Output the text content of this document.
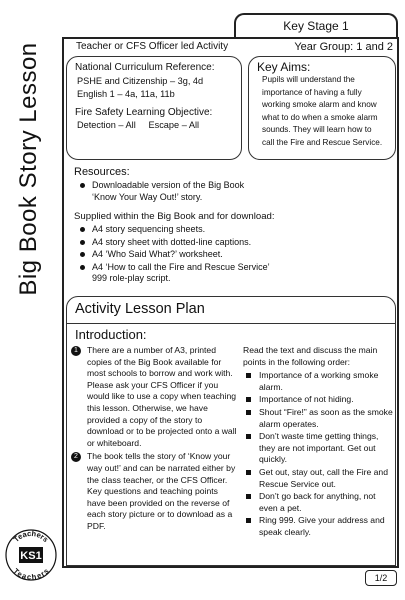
Big Book Story Lesson
Key Stage 1
Teacher or CFS Officer led Activity	Year Group: 1 and 2
National Curriculum Reference:
PSHE and Citizenship – 3g, 4d
English 1 – 4a, 11a, 11b
Fire Safety Learning Objective:
Detection – All     Escape – All
Key Aims:
Pupils will understand the
importance of having a fully
working smoke alarm and know
what to do when a smoke alarm
sounds. They will learn how to
call the Fire and Rescue Service.
Resources:
Downloadable version of the Big Book ‘Know Your Way Out!’ story.
Supplied within the Big Book and for download:
A4 story sequencing sheets.
A4 story sheet with dotted-line captions.
A4 ‘Who Said What?’ worksheet.
A4 ‘How to call the Fire and Rescue Service’ 999 role-play script.
Activity Lesson Plan
Introduction:
1	There are a number of A3, printed copies of the Big Book available for most schools to borrow and work with. Please ask your CFS Officer if you would like to use a copy when teaching this lesson. Otherwise, we have provided a copy of the story to download or to be projected onto a wall or whiteboard.
2	The book tells the story of ‘Know your way out!’ and can be narrated either by the class teacher, or the CFS Officer. Key questions and teaching points have been provided on the reverse of each story picture or to download as a PDF.
Read the text and discuss the main points in the following order:
Importance of a working smoke alarm.
Importance of not hiding.
Shout “Fire!” as soon as the smoke alarm operates.
Don’t waste time getting things, they are not important. Get out quickly.
Get out, stay out, call the Fire and Rescue Service out.
Don’t go back for anything, not even a pet.
Ring 999. Give your address and speak clearly.
1/2
Teachers
KS1
Teachers
